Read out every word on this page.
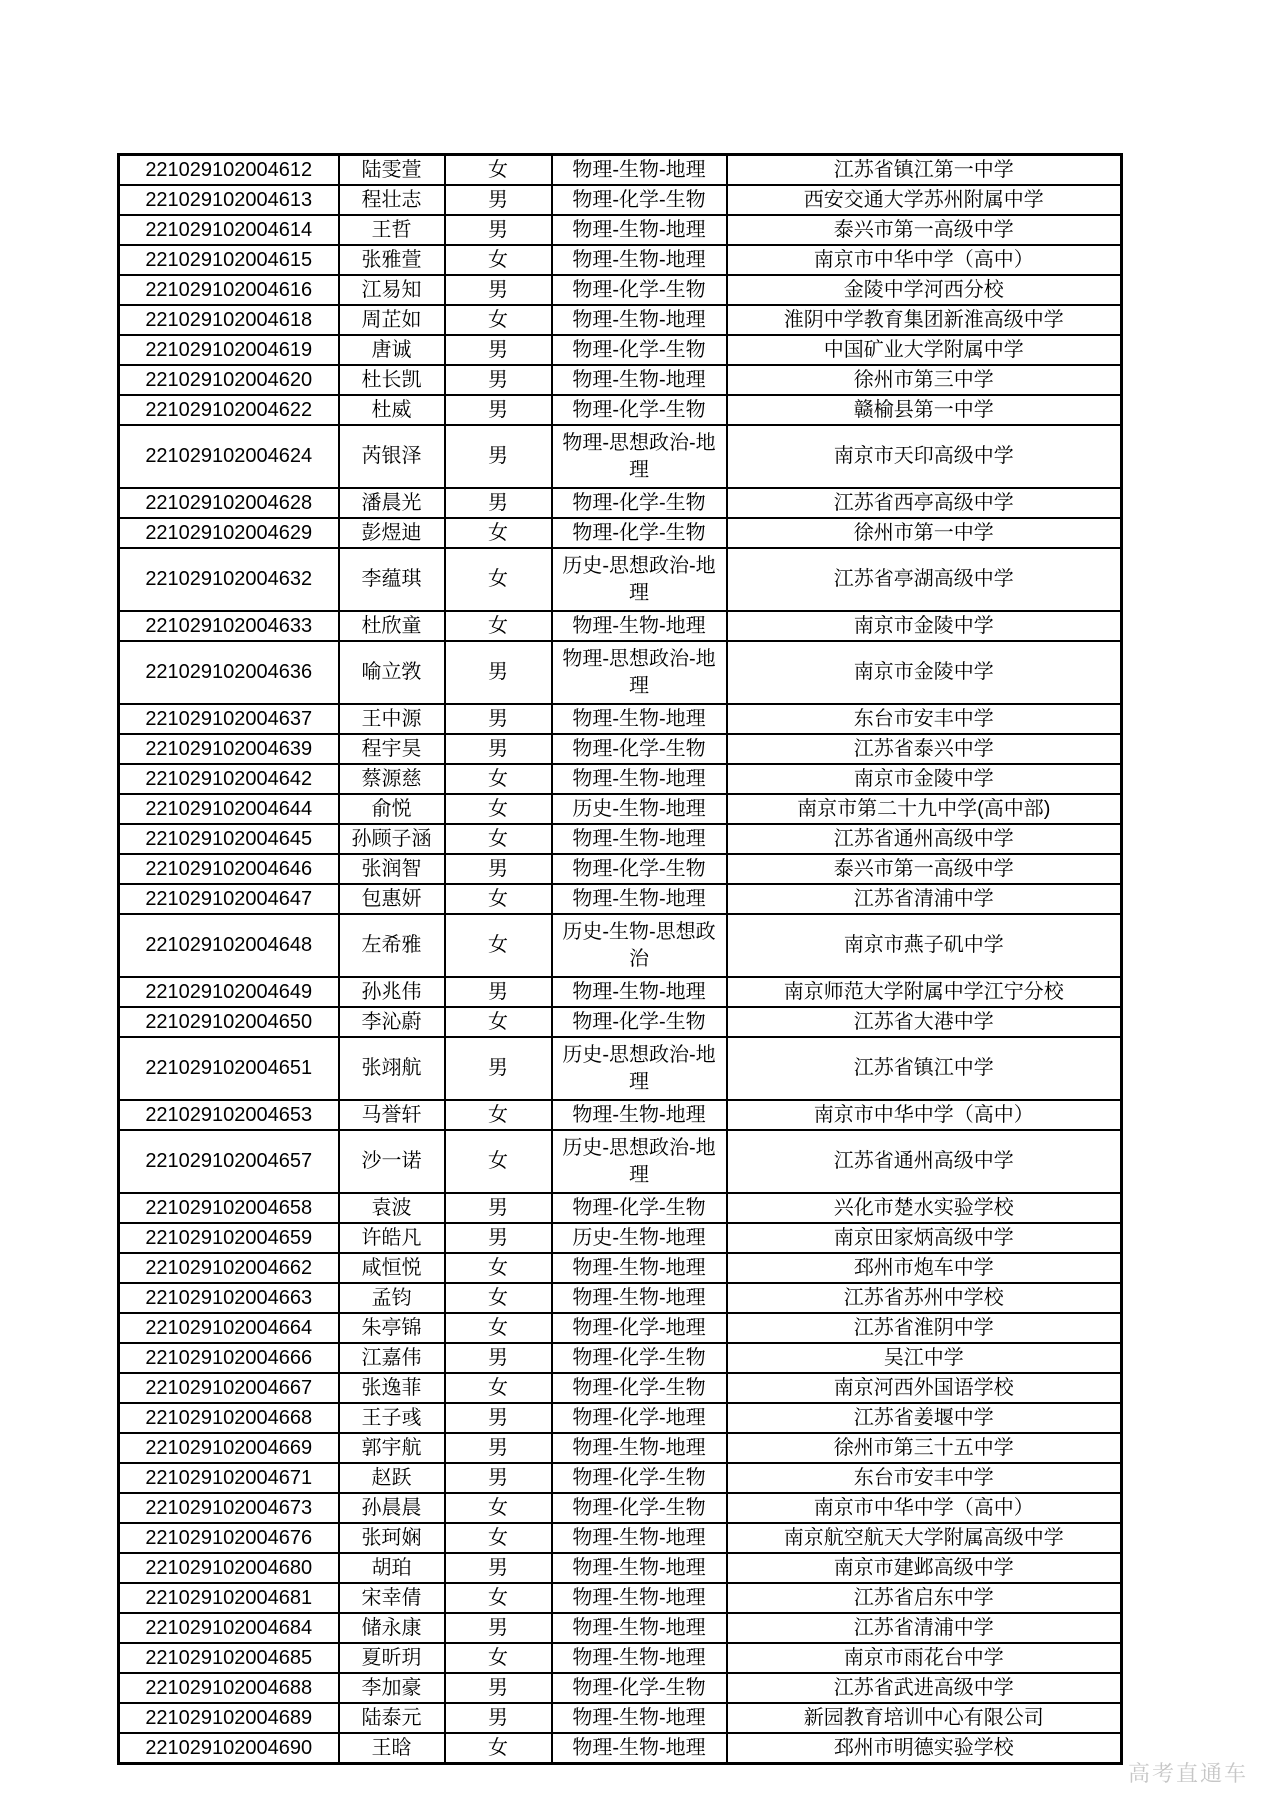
221029102004612	陆雯萱	女	物理-生物-地理	江苏省镇江第一中学
221029102004613	程壮志	男	物理-化学-生物	西安交通大学苏州附属中学
221029102004614	王哲	男	物理-生物-地理	泰兴市第一高级中学
221029102004615	张雅萱	女	物理-生物-地理	南京市中华中学（高中）
221029102004616	江易知	男	物理-化学-生物	金陵中学河西分校
221029102004618	周芷如	女	物理-生物-地理	淮阴中学教育集团新淮高级中学
221029102004619	唐诚	男	物理-化学-生物	中国矿业大学附属中学
221029102004620	杜长凯	男	物理-生物-地理	徐州市第三中学
221029102004622	杜威	男	物理-化学-生物	赣榆县第一中学
221029102004624	芮银泽	男	物理-思想政治-地理	南京市天印高级中学
221029102004628	潘晨光	男	物理-化学-生物	江苏省西亭高级中学
221029102004629	彭煜迪	女	物理-化学-生物	徐州市第一中学
221029102004632	李蕴琪	女	历史-思想政治-地理	江苏省亭湖高级中学
221029102004633	杜欣童	女	物理-生物-地理	南京市金陵中学
221029102004636	喻立敩	男	物理-思想政治-地理	南京市金陵中学
221029102004637	王中源	男	物理-生物-地理	东台市安丰中学
221029102004639	程宇昊	男	物理-化学-生物	江苏省泰兴中学
221029102004642	蔡源慈	女	物理-生物-地理	南京市金陵中学
221029102004644	俞悦	女	历史-生物-地理	南京市第二十九中学(高中部)
221029102004645	孙顾子涵	女	物理-生物-地理	江苏省通州高级中学
221029102004646	张润智	男	物理-化学-生物	泰兴市第一高级中学
221029102004647	包惠妍	女	物理-生物-地理	江苏省清浦中学
221029102004648	左希雅	女	历史-生物-思想政治	南京市燕子矶中学
221029102004649	孙兆伟	男	物理-生物-地理	南京师范大学附属中学江宁分校
221029102004650	李沁蔚	女	物理-化学-生物	江苏省大港中学
221029102004651	张翊航	男	历史-思想政治-地理	江苏省镇江中学
221029102004653	马誉轩	女	物理-生物-地理	南京市中华中学（高中）
221029102004657	沙一诺	女	历史-思想政治-地理	江苏省通州高级中学
221029102004658	袁波	男	物理-化学-生物	兴化市楚水实验学校
221029102004659	许皓凡	男	历史-生物-地理	南京田家炳高级中学
221029102004662	咸恒悦	女	物理-生物-地理	邳州市炮车中学
221029102004663	孟钧	女	物理-生物-地理	江苏省苏州中学校
221029102004664	朱亭锦	女	物理-化学-地理	江苏省淮阴中学
221029102004666	江嘉伟	男	物理-化学-生物	吴江中学
221029102004667	张逸菲	女	物理-化学-生物	南京河西外国语学校
221029102004668	王子彧	男	物理-化学-地理	江苏省姜堰中学
221029102004669	郭宇航	男	物理-生物-地理	徐州市第三十五中学
221029102004671	赵跃	男	物理-化学-生物	东台市安丰中学
221029102004673	孙晨晨	女	物理-化学-生物	南京市中华中学（高中）
221029102004676	张珂娴	女	物理-生物-地理	南京航空航天大学附属高级中学
221029102004680	胡珀	男	物理-生物-地理	南京市建邺高级中学
221029102004681	宋幸倩	女	物理-生物-地理	江苏省启东中学
221029102004684	储永康	男	物理-生物-地理	江苏省清浦中学
221029102004685	夏昕玥	女	物理-生物-地理	南京市雨花台中学
221029102004688	李加豪	男	物理-化学-生物	江苏省武进高级中学
221029102004689	陆泰元	男	物理-生物-地理	新园教育培训中心有限公司
221029102004690	王晗	女	物理-生物-地理	邳州市明德实验学校
高考直通车
